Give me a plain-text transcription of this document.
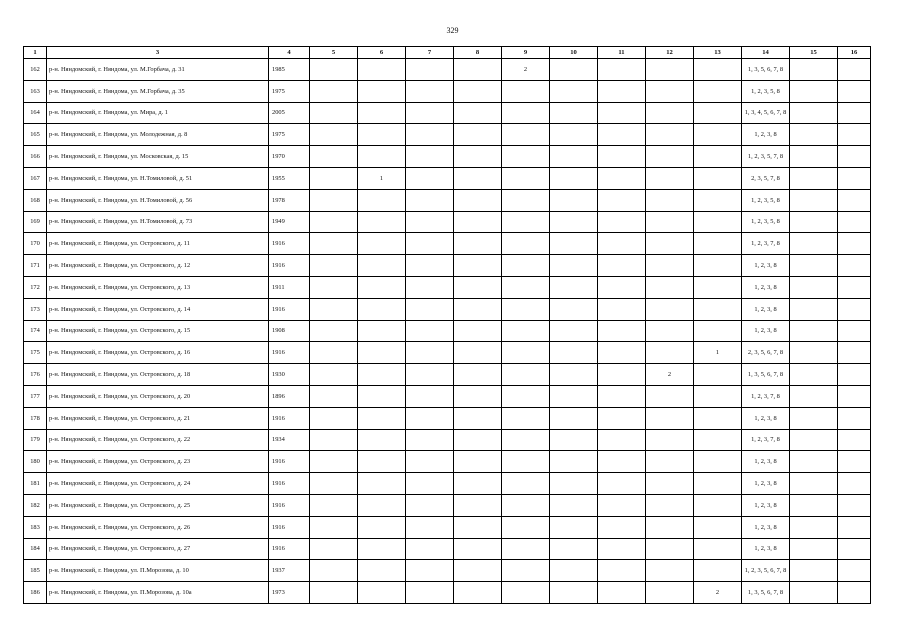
329
1	3	4	5	6	7	8	9	10	11	12	13	14	15	16
162	р-н. Няндомский, г. Няндома, ул. М.Горбача, д. 31	1985					2					1, 3, 5, 6, 7, 8		
163	р-н. Няндомский, г. Няндома, ул. М.Горбача, д. 35	1975										1, 2, 3, 5, 8		
164	р-н. Няндомский, г. Няндома, ул. Мира, д. 1	2005										1, 3, 4, 5, 6, 7, 8		
165	р-н. Няндомский, г. Няндома, ул. Молодежная, д. 8	1975										1, 2, 3, 8		
166	р-н. Няндомский, г. Няндома, ул. Московская, д. 15	1970										1, 2, 3, 5, 7, 8		
167	р-н. Няндомский, г. Няндома, ул. Н.Томиловой, д. 51	1955		1								2, 3, 5, 7, 8		
168	р-н. Няндомский, г. Няндома, ул. Н.Томиловой, д. 56	1978										1, 2, 3, 5, 8		
169	р-н. Няндомский, г. Няндома, ул. Н.Томиловой, д. 73	1949										1, 2, 3, 5, 8		
170	р-н. Няндомский, г. Няндома, ул. Островского, д. 11	1916										1, 2, 3, 7, 8		
171	р-н. Няндомский, г. Няндома, ул. Островского, д. 12	1916										1, 2, 3, 8		
172	р-н. Няндомский, г. Няндома, ул. Островского, д. 13	1911										1, 2, 3, 8		
173	р-н. Няндомский, г. Няндома, ул. Островского, д. 14	1916										1, 2, 3, 8		
174	р-н. Няндомский, г. Няндома, ул. Островского, д. 15	1908										1, 2, 3, 8		
175	р-н. Няндомский, г. Няндома, ул. Островского, д. 16	1916									1	2, 3, 5, 6, 7, 8		
176	р-н. Няндомский, г. Няндома, ул. Островского, д. 18	1930								2		1, 3, 5, 6, 7, 8		
177	р-н. Няндомский, г. Няндома, ул. Островского, д. 20	1896										1, 2, 3, 7, 8		
178	р-н. Няндомский, г. Няндома, ул. Островского, д. 21	1916										1, 2, 3, 8		
179	р-н. Няндомский, г. Няндома, ул. Островского, д. 22	1934										1, 2, 3, 7, 8		
180	р-н. Няндомский, г. Няндома, ул. Островского, д. 23	1916										1, 2, 3, 8		
181	р-н. Няндомский, г. Няндома, ул. Островского, д. 24	1916										1, 2, 3, 8		
182	р-н. Няндомский, г. Няндома, ул. Островского, д. 25	1916										1, 2, 3, 8		
183	р-н. Няндомский, г. Няндома, ул. Островского, д. 26	1916										1, 2, 3, 8		
184	р-н. Няндомский, г. Няндома, ул. Островского, д. 27	1916										1, 2, 3, 8		
185	р-н. Няндомский, г. Няндома, ул. П.Морозова, д. 10	1937										1, 2, 3, 5, 6, 7, 8		
186	р-н. Няндомский, г. Няндома, ул. П.Морозова, д. 10а	1973									2	1, 3, 5, 6, 7, 8		
